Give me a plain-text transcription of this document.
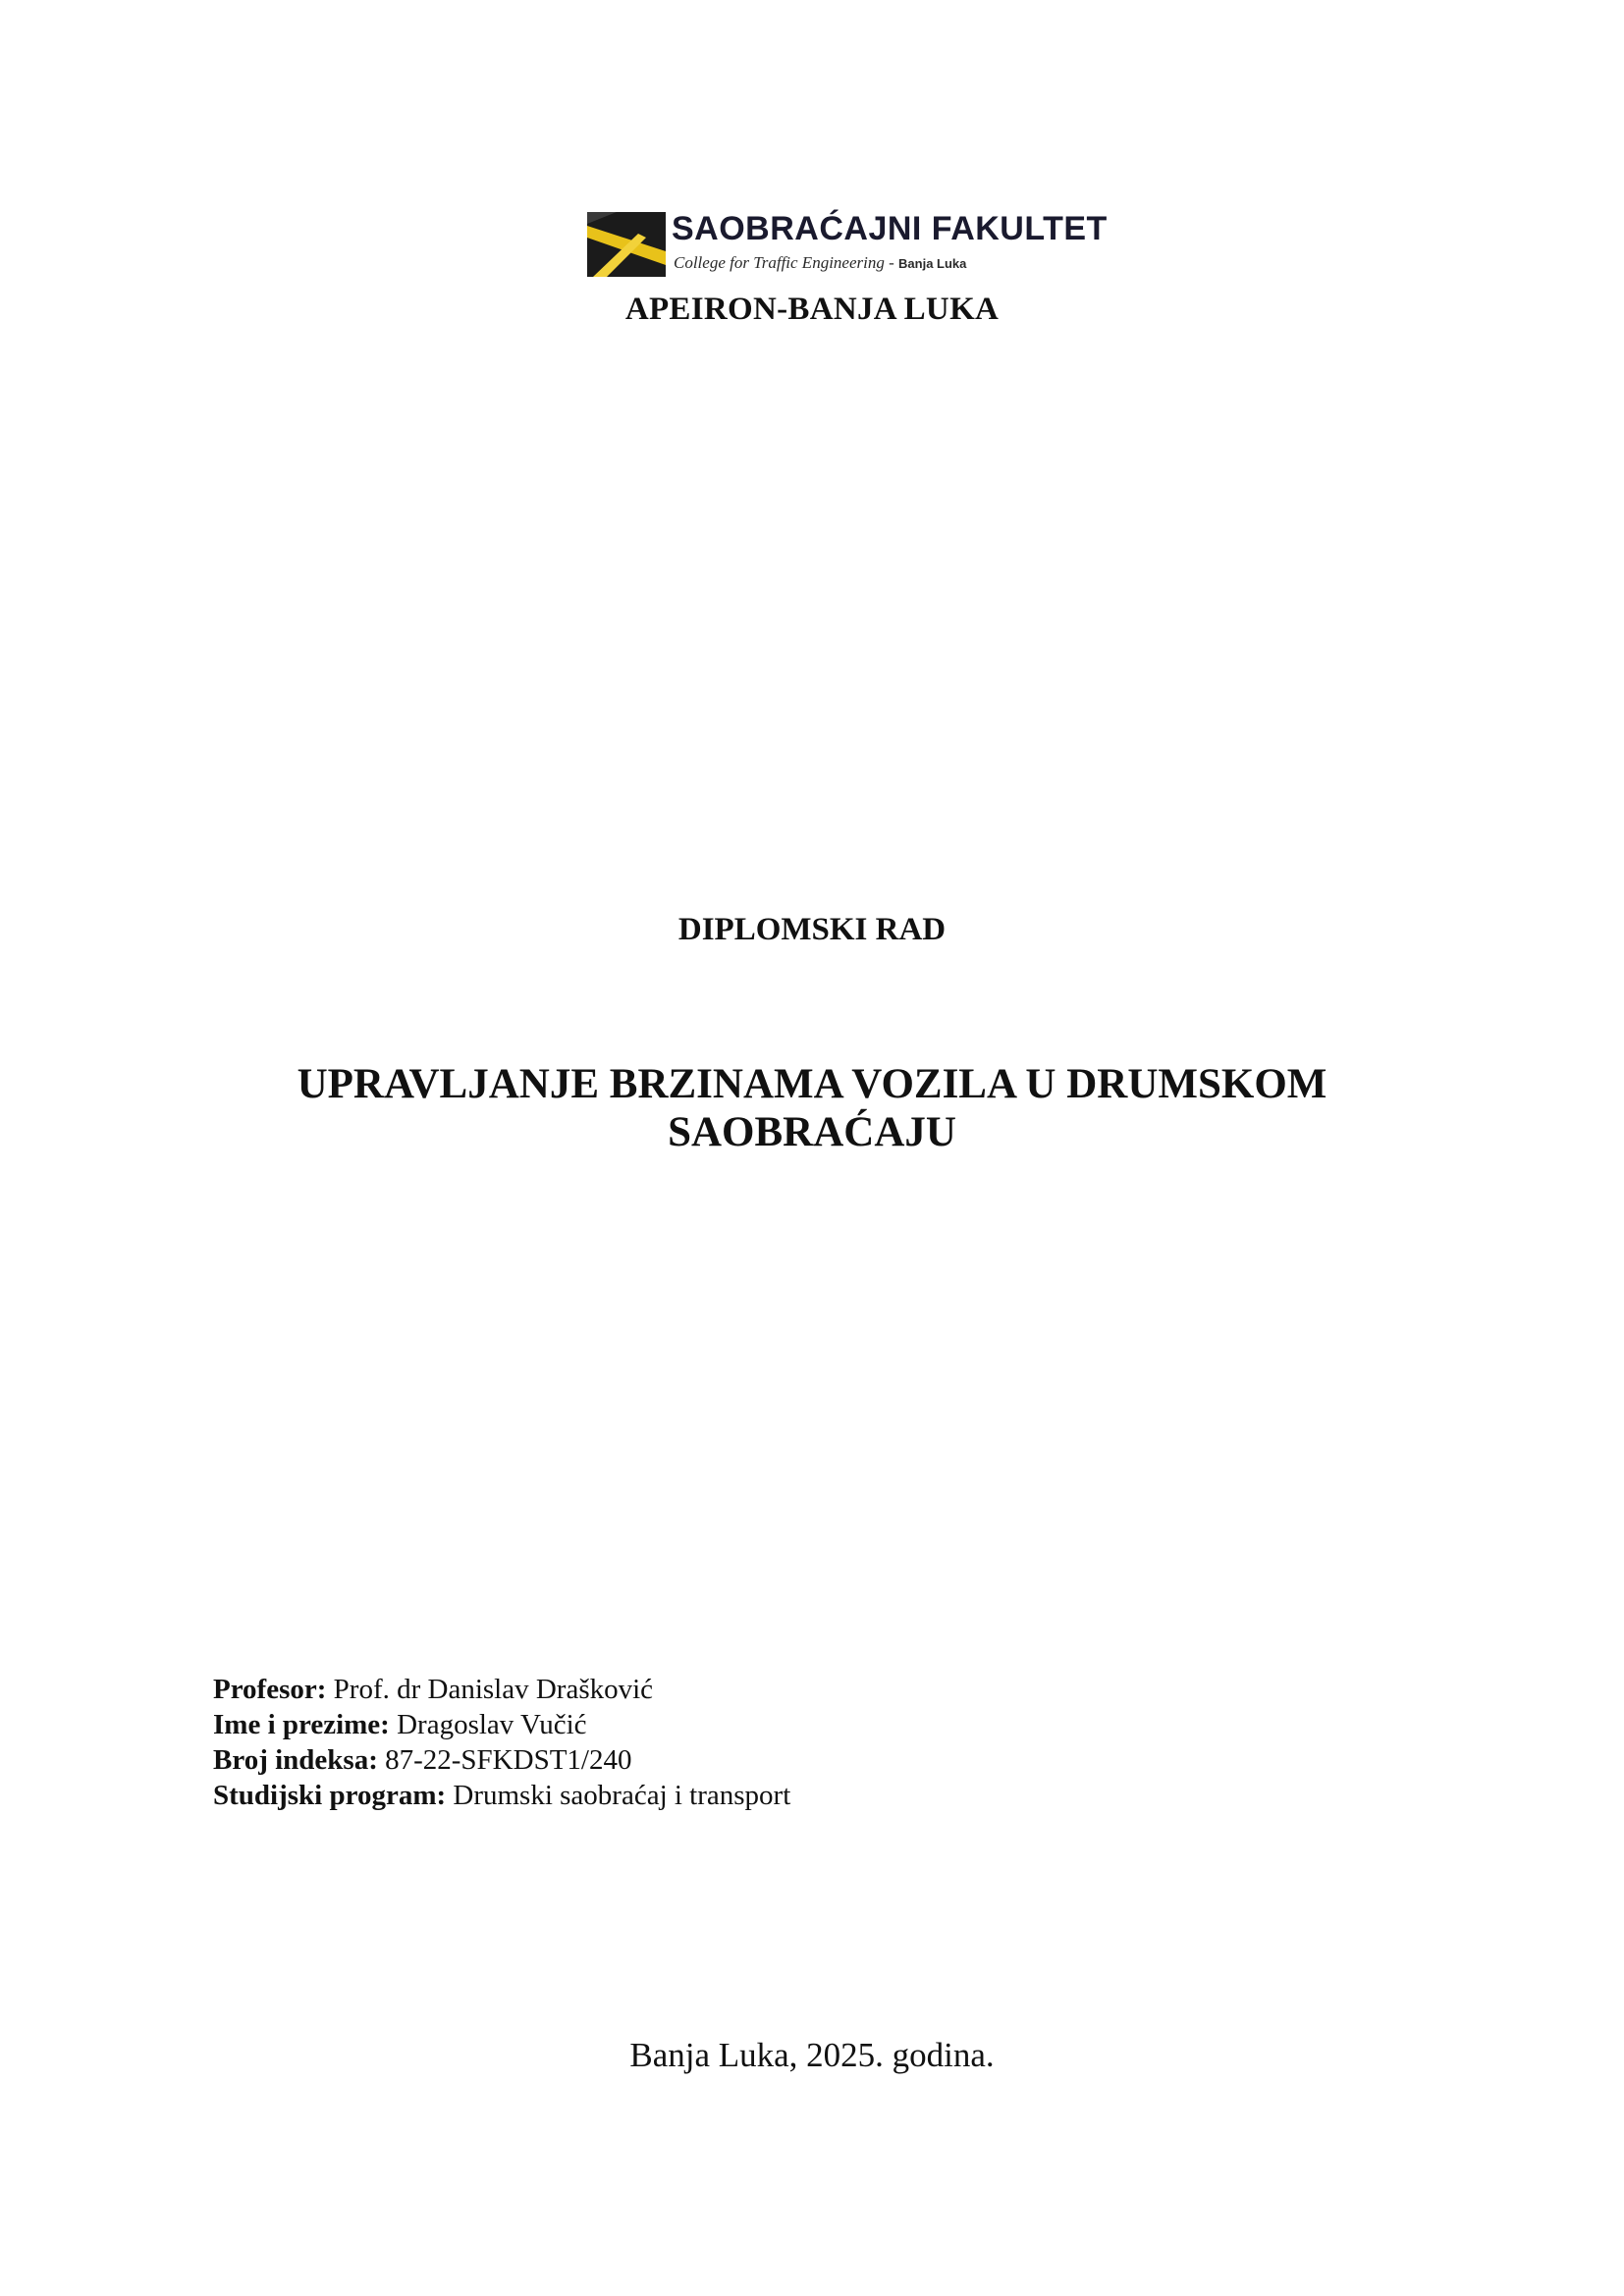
SAOBRAĆAJNI FAKULTET
College for Traffic Engineering - Banja Luka
APEIRON-BANJA LUKA
DIPLOMSKI RAD
UPRAVLJANJE BRZINAMA VOZILA U DRUMSKOM
SAOBRAĆAJU
Profesor: Prof. dr Danislav Drašković
Ime i prezime: Dragoslav Vučić
Broj indeksa: 87-22-SFKDST1/240
Studijski program: Drumski saobraćaj i transport
Banja Luka, 2025. godina.
